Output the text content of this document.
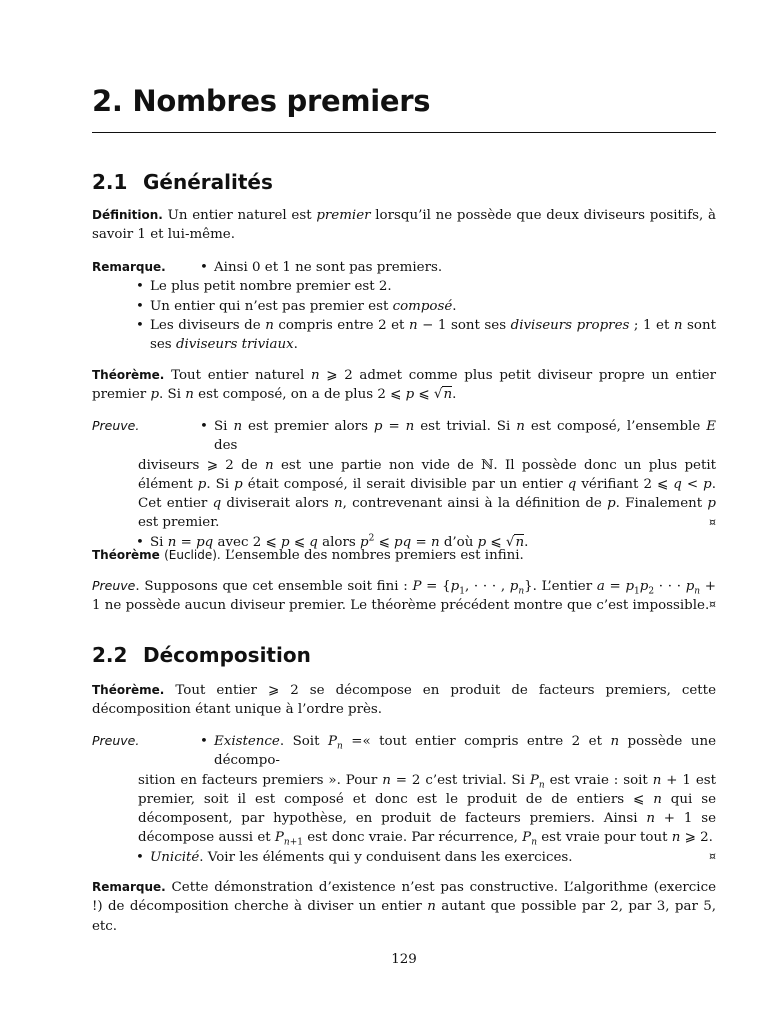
2. Nombres premiers
2.1 Généralités
Définition. Un entier naturel est premier lorsqu’il ne possède que deux diviseurs positifs, à savoir 1 et lui-même.
Remarque.	• Ainsi 0 et 1 ne sont pas premiers.
• Le plus petit nombre premier est 2.
• Un entier qui n’est pas premier est composé.
• Les diviseurs de n compris entre 2 et n − 1 sont ses diviseurs propres ; 1 et n sont ses diviseurs triviaux.
Théorème. Tout entier naturel n ⩾ 2 admet comme plus petit diviseur propre un entier premier p. Si n est composé, on a de plus 2 ⩽ p ⩽ √n.
Preuve.	• Si n est premier alors p = n est trivial. Si n est composé, l’ensemble E des
diviseurs ⩾ 2 de n est une partie non vide de ℕ. Il possède donc un plus petit élément p. Si p était composé, il serait divisible par un entier q vérifiant 2 ⩽ q < p. Cet entier q diviserait alors n, contrevenant ainsi à la définition de p. Finalement p est premier.
• Si n = pq avec 2 ⩽ p ⩽ q alors $p^2$ ⩽ pq = n d’où p ⩽ √n.
¤
Théorème (Euclide). L’ensemble des nombres premiers est infini.
Preuve. Supposons que cet ensemble soit fini : $P = \{p_1$, · · · , $p_n$}. L’entier $a = p_1p_2$ · · · $p_n + 1$ ne possède aucun diviseur premier. Le théorème précédent montre que c’est impossible. ¤
2.2 Décomposition
Théorème. Tout entier ⩾ 2 se décompose en produit de facteurs premiers, cette décomposition étant unique à l’ordre près.
Preuve.	• Existence. Soit $P_n$ =« tout entier compris entre 2 et n possède une décompo-
sition en facteurs premiers ». Pour n = 2 c’est trivial. Si $P_n$ est vraie : soit n + 1 est premier, soit il est composé et donc est le produit de de entiers ⩽ n qui se décomposent, par hypothèse, en produit de facteurs premiers. Ainsi n + 1 se décompose aussi et $P_{n+1}$ est donc vraie. Par récurrence, $P_n$ est vraie pour tout n ⩾ 2.
• Unicité. Voir les éléments qui y conduisent dans les exercices.	¤
Remarque. Cette démonstration d’existence n’est pas constructive. L’algorithme (exercice !) de décomposition cherche à diviser un entier n autant que possible par 2, par 3, par 5, etc.
129
